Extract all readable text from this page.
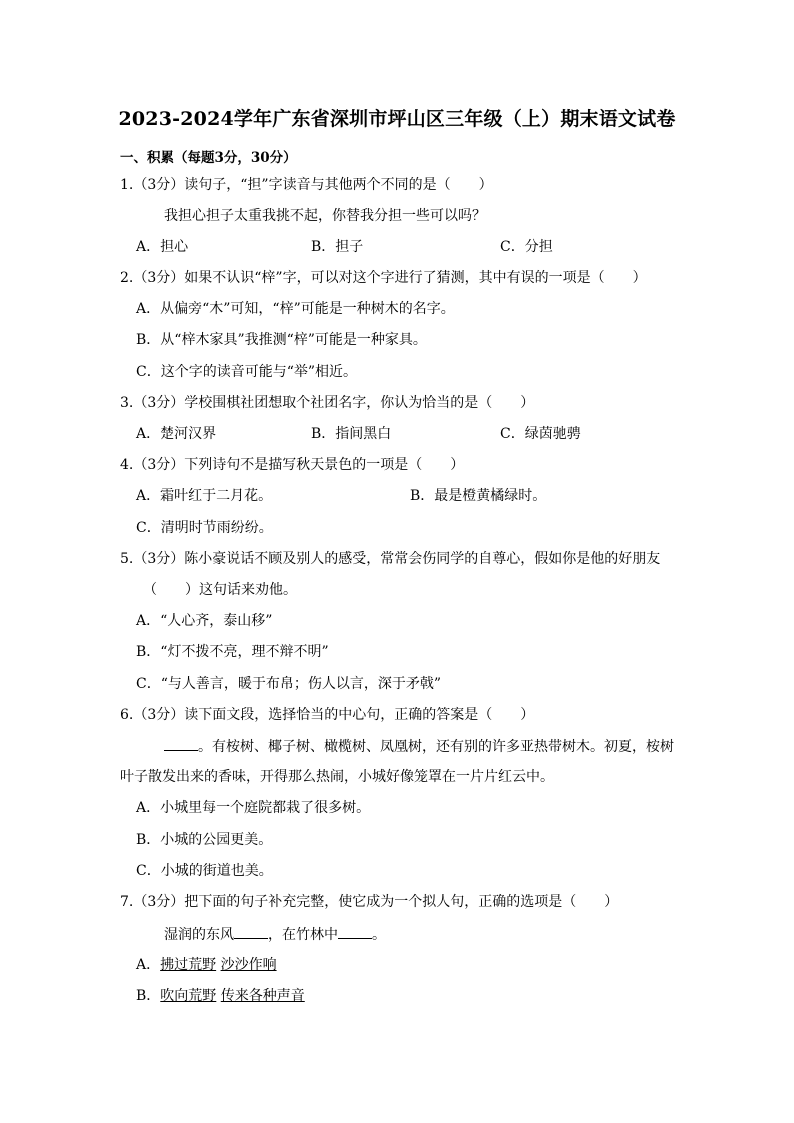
2023-2024学年广东省深圳市坪山区三年级（上）期末语文试卷
一、积累（每题3分，30分）
1.（3分）读句子，“担”字读音与其他两个不同的是（　　）
我担心担子太重我挑不起，你替我分担一些可以吗？
A．担心	B．担子	C．分担
2.（3分）如果不认识“梓”字，可以对这个字进行了猜测，其中有误的一项是（　　）
A．从偏旁“木”可知，“梓”可能是一种树木的名字。
B．从“梓木家具”我推测“梓”可能是一种家具。
C．这个字的读音可能与“举”相近。
3.（3分）学校围棋社团想取个社团名字，你认为恰当的是（　　）
A．楚河汉界	B．指间黑白	C．绿茵驰骋
4.（3分）下列诗句不是描写秋天景色的一项是（　　）
A．霜叶红于二月花。	B．最是橙黄橘绿时。
C．清明时节雨纷纷。
5.（3分）陈小豪说话不顾及别人的感受，常常会伤同学的自尊心，假如你是他的好朋友
（　　）这句话来劝他。
A．“人心齐，泰山移”
B．“灯不拨不亮，理不辩不明”
C．“与人善言，暖于布帛；伤人以言，深于矛戟”
6.（3分）读下面文段，选择恰当的中心句，正确的答案是（　　）
。有桉树、椰子树、橄榄树、凤凰树，还有别的许多亚热带树木。初夏，桉树
叶子散发出来的香味，开得那么热闹，小城好像笼罩在一片片红云中。
A．小城里每一个庭院都栽了很多树。
B．小城的公园更美。
C．小城的街道也美。
7.（3分）把下面的句子补充完整，使它成为一个拟人句，正确的选项是（　　）
湿润的东风 ，在竹林中 。
A．拂过荒野 沙沙作响
B．吹向荒野 传来各种声音
